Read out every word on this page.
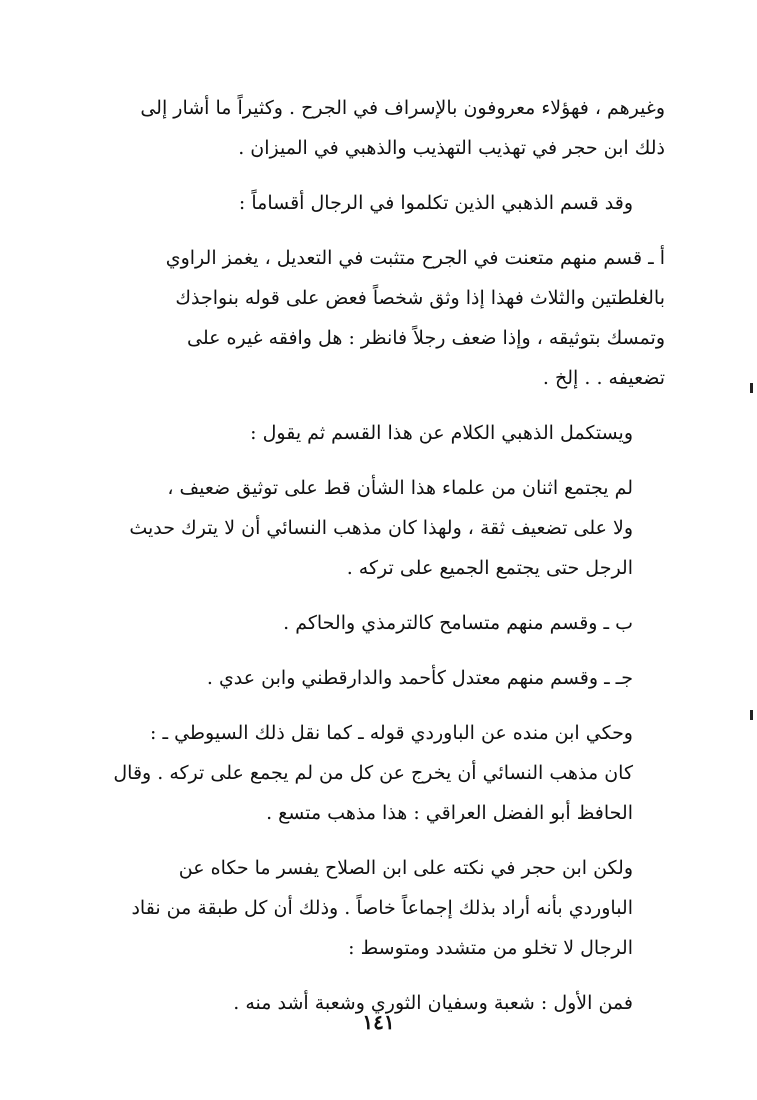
وغيرهم ، فهؤلاء معروفون بالإسراف في الجرح . وكثيراً ما أشار إلى
ذلك ابن حجر في تهذيب التهذيب والذهبي في الميزان .

وقد قسم الذهبي الذين تكلموا في الرجال أقساماً :

أ ـ قسم منهم متعنت في الجرح متثبت في التعديل ، يغمز الراوي
بالغلطتين والثلاث فهذا إذا وثق شخصاً فعض على قوله بنواجذك
وتمسك بتوثيقه ، وإذا ضعف رجلاً فانظر : هل وافقه غيره على
تضعيفه . . إلخ .

ويستكمل الذهبي الكلام عن هذا القسم ثم يقول :

لم يجتمع اثنان من علماء هذا الشأن قط على توثيق ضعيف ،
ولا على تضعيف ثقة ، ولهذا كان مذهب النسائي أن لا يترك حديث
الرجل حتى يجتمع الجميع على تركه .

ب ـ وقسم منهم متسامح كالترمذي والحاكم .

جـ ـ وقسم منهم معتدل كأحمد والدارقطني وابن عدي .

وحكي ابن منده عن الباوردي قوله ـ كما نقل ذلك السيوطي ـ :
كان مذهب النسائي أن يخرج عن كل من لم يجمع على تركه . وقال
الحافظ أبو الفضل العراقي : هذا مذهب متسع .

ولكن ابن حجر في نكته على ابن الصلاح يفسر ما حكاه عن
الباوردي بأنه أراد بذلك إجماعاً خاصاً . وذلك أن كل طبقة من نقاد
الرجال لا تخلو من متشدد ومتوسط :

فمن الأول : شعبة وسفيان الثوري وشعبة أشد منه .

١٤١
